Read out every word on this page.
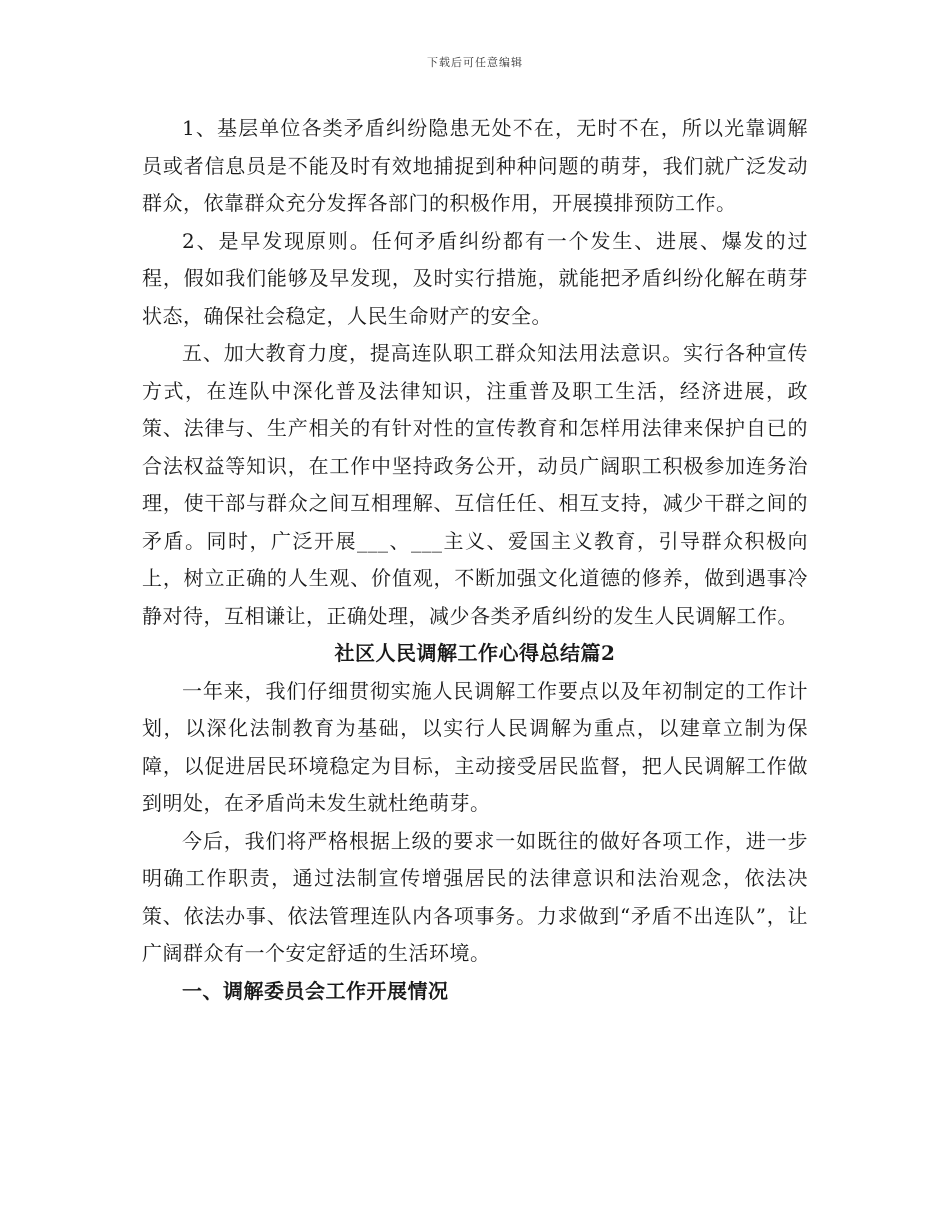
下载后可任意编辑

1、基层单位各类矛盾纠纷隐患无处不在，无时不在，所以光靠调解员或者信息员是不能及时有效地捕捉到种种问题的萌芽，我们就广泛发动群众，依靠群众充分发挥各部门的积极作用，开展摸排预防工作。

2、是早发现原则。任何矛盾纠纷都有一个发生、进展、爆发的过程，假如我们能够及早发现，及时实行措施，就能把矛盾纠纷化解在萌芽状态，确保社会稳定，人民生命财产的安全。

五、加大教育力度，提高连队职工群众知法用法意识。实行各种宣传方式，在连队中深化普及法律知识，注重普及职工生活，经济进展，政策、法律与、生产相关的有针对性的宣传教育和怎样用法律来保护自已的合法权益等知识，在工作中坚持政务公开，动员广阔职工积极参加连务治理，使干部与群众之间互相理解、互信任任、相互支持，减少干群之间的矛盾。同时，广泛开展___、___主义、爱国主义教育，引导群众积极向上，树立正确的人生观、价值观，不断加强文化道德的修养，做到遇事冷静对待，互相谦让，正确处理，减少各类矛盾纠纷的发生人民调解工作。

社区人民调解工作心得总结篇2

一年来，我们仔细贯彻实施人民调解工作要点以及年初制定的工作计划，以深化法制教育为基础，以实行人民调解为重点，以建章立制为保障，以促进居民环境稳定为目标，主动接受居民监督，把人民调解工作做到明处，在矛盾尚未发生就杜绝萌芽。

今后，我们将严格根据上级的要求一如既往的做好各项工作，进一步明确工作职责，通过法制宣传增强居民的法律意识和法治观念，依法决策、依法办事、依法管理连队内各项事务。力求做到“矛盾不出连队”，让广阔群众有一个安定舒适的生活环境。

一、调解委员会工作开展情况
